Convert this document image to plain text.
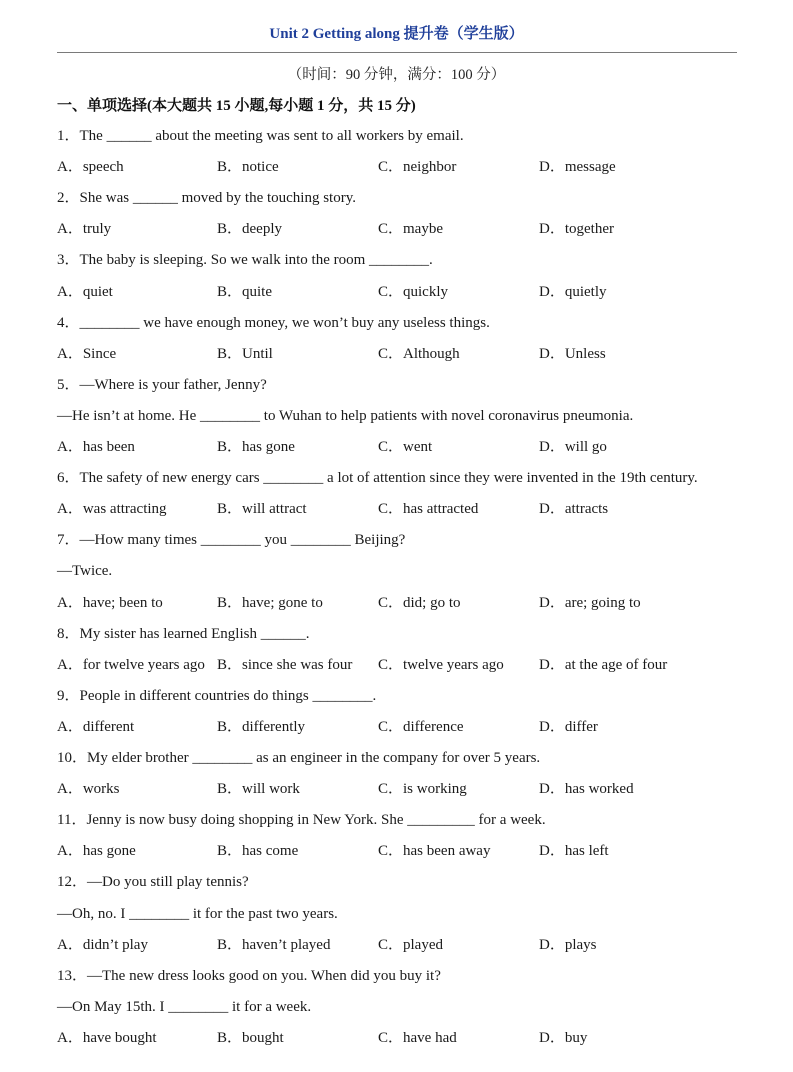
Unit 2 Getting along 提升卷（学生版）
（时间：90 分钟，满分：100 分）
一、单项选择(本大题共 15 小题,每小题 1 分，共 15 分)
1．The ______ about the meeting was sent to all workers by email.
A．speech	B．notice	C．neighbor	D．message
2．She was ______ moved by the touching story.
A．truly	B．deeply	C．maybe	D．together
3．The baby is sleeping. So we walk into the room ________.
A．quiet	B．quite	C．quickly	D．quietly
4．________ we have enough money, we won’t buy any useless things.
A．Since	B．Until	C．Although	D．Unless
5．—Where is your father, Jenny?
—He isn’t at home. He ________ to Wuhan to help patients with novel coronavirus pneumonia.
A．has been	B．has gone	C．went	D．will go
6．The safety of new energy cars ________ a lot of attention since they were invented in the 19th century.
A．was attracting	B．will attract	C．has attracted	D．attracts
7．—How many times ________ you ________ Beijing?
—Twice.
A．have; been to	B．have; gone to	C．did; go to	D．are; going to
8．My sister has learned English ______.
A．for twelve years ago B．since she was four C．twelve years ago D．at the age of four
9．People in different countries do things ________.
A．different	B．differently	C．difference	D．differ
10．My elder brother ________ as an engineer in the company for over 5 years.
A．works	B．will work	C．is working	D．has worked
11．Jenny is now busy doing shopping in New York. She _________ for a week.
A．has gone	B．has come	C．has been away	D．has left
12．—Do you still play tennis?
—Oh, no. I ________ it for the past two years.
A．didn’t play	B．haven’t played	C．played	D．plays
13．—The new dress looks good on you. When did you buy it?
—On May 15th. I ________ it for a week.
A．have bought	B．bought	C．have had	D．buy
